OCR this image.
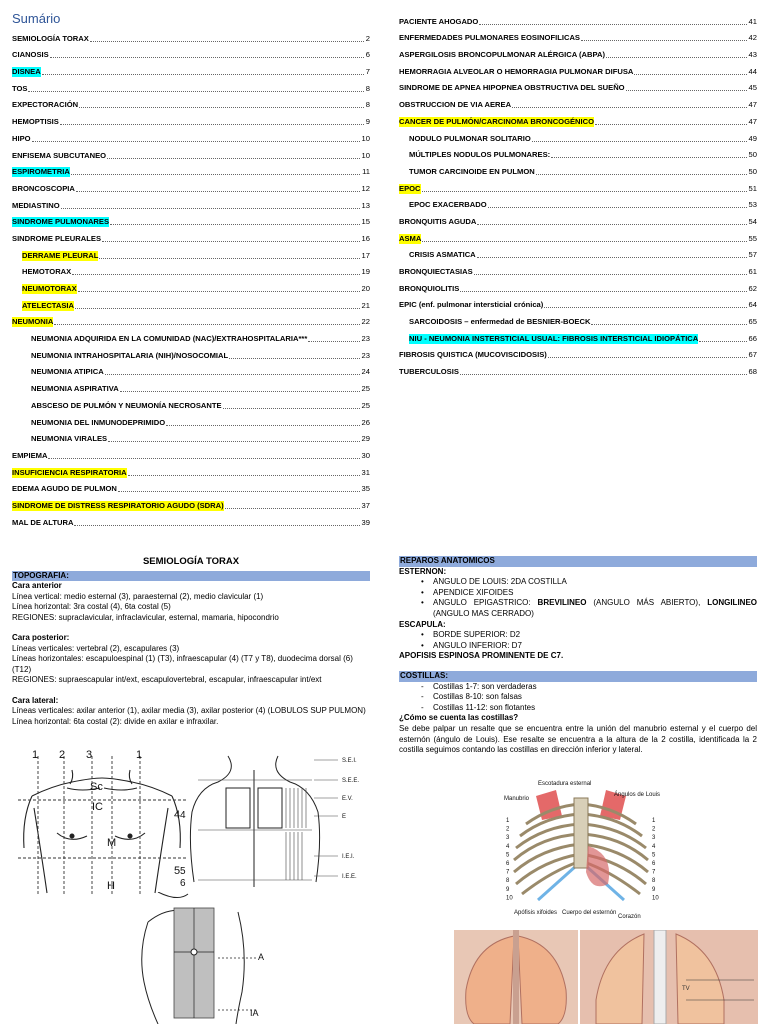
Sumário
SEMIOLOGÍA TORAX	2
CIANOSIS	6
DISNEA	7
TOS	8
EXPECTORACIÓN	8
HEMOPTISIS	9
HIPO	10
ENFISEMA SUBCUTANEO	10
ESPIROMETRIA	11
BRONCOSCOPIA	12
MEDIASTINO	13
SINDROME PULMONARES	15
SINDROME PLEURALES	16
DERRAME PLEURAL	17
HEMOTORAX	19
NEUMOTORAX	20
ATELECTASIA	21
NEUMONIA	22
NEUMONIA ADQUIRIDA EN LA COMUNIDAD (NAC)/EXTRAHOSPITALARIA***	23
NEUMONIA INTRAHOSPITALARIA (NIH)/NOSOCOMIAL	23
NEUMONIA ATIPICA	24
NEUMONIA ASPIRATIVA	25
ABSCESO DE PULMÓN Y NEUMONÍA NECROSANTE	25
NEUMONIA DEL INMUNODEPRIMIDO	26
NEUMONIA VIRALES	29
EMPIEMA	30
INSUFICIENCIA RESPIRATORIA	31
EDEMA AGUDO DE PULMON	35
SINDROME DE DISTRESS RESPIRATORIO AGUDO (SDRA)	37
MAL DE ALTURA	39
PACIENTE AHOGADO	41
ENFERMEDADES PULMONARES EOSINOFILICAS	42
ASPERGILOSIS BRONCOPULMONAR ALÉRGICA (ABPA)	43
HEMORRAGIA ALVEOLAR O HEMORRAGIA PULMONAR DIFUSA	44
SINDROME DE APNEA HIPOPNEA OBSTRUCTIVA DEL SUEÑO	45
OBSTRUCCION DE VIA AEREA	47
CANCER DE PULMÓN/CARCINOMA BRONCOGÉNICO	47
NODULO PULMONAR SOLITARIO	49
MÚLTIPLES NODULOS PULMONARES:	50
TUMOR CARCINOIDE EN PULMON	50
EPOC	51
EPOC EXACERBADO	53
BRONQUITIS AGUDA	54
ASMA	55
CRISIS ASMATICA	57
BRONQUIECTASIAS	61
BRONQUIOLITIS	62
EPIC (enf. pulmonar intersticial crónica)	64
SARCOIDOSIS – enfermedad de BESNIER-BOECK	65
NIU - NEUMONIA INSTERSTICIAL USUAL: FIBROSIS INTERSTICIAL IDIOPÁTICA	66
FIBROSIS QUISTICA (MUCOVISCIDOSIS)	67
TUBERCULOSIS	68
SEMIOLOGÍA TORAX
TOPOGRAFIA:
Cara anterior
Línea vertical: medio esternal (3), paraesternal (2), medio clavicular (1)
Línea horizontal: 3ra costal (4), 6ta costal (5)
REGIONES: supraclavicular, infraclavicular, esternal, mamaria, hipocondrio
Cara posterior:
Líneas verticales: vertebral (2), escapulares (3)
Líneas horizontales: escapuloespinal (1) (T3), infraescapular (4) (T7 y T8), duodecima dorsal (6) (T12)
REGIONES: supraescapular int/ext, escapulovertebral, escapular, infraescapular int/ext
Cara lateral:
Líneas verticales: axilar anterior (1), axilar media (3), axilar posterior (4) (LOBULOS SUP PULMON)
Línea horizontal: 6ta costal (2): divide en axilar e infraxilar.
1 2 3	1
Sc
IC
M
H
4
5
S.E.I.
S.E.E.
E.V.
E
I.E.I.
I.E.E.
4
5
6
A
IA
REPAROS ANATOMICOS
ESTERNON:
• ANGULO DE LOUIS: 2DA COSTILLA
• APENDICE XIFOIDES
• ANGULO EPIGASTRICO: BREVILINEO (ANGULO MÁS ABIERTO), LONGILINEO (ANGULO MAS CERRADO)
ESCAPULA:
• BORDE SUPERIOR: D2
• ANGULO INFERIOR: D7
APOFISIS ESPINOSA PROMINENTE DE C7.
COSTILLAS:
- Costillas 1-7: son verdaderas
- Costillas 8-10: son falsas
- Costillas 11-12: son flotantes
¿Cómo se cuenta las costillas?
Se debe palpar un resalte que se encuentra entre la unión del manubrio esternal y el cuerpo del esternón (ángulo de Louis). Ese resalte se encuentra a la altura de la 2 costilla, identificada la 2 costilla seguimos contando las costillas en dirección inferior y lateral.
Escotadura esternal
Manubrio
Ángulos de Louis
Apófisis xifoides Cuerpo del esternón
Corazón
1
2
3
4
5
6
7
8
9
10
1
2
3
4
5
6
7
8
9
10
TV
